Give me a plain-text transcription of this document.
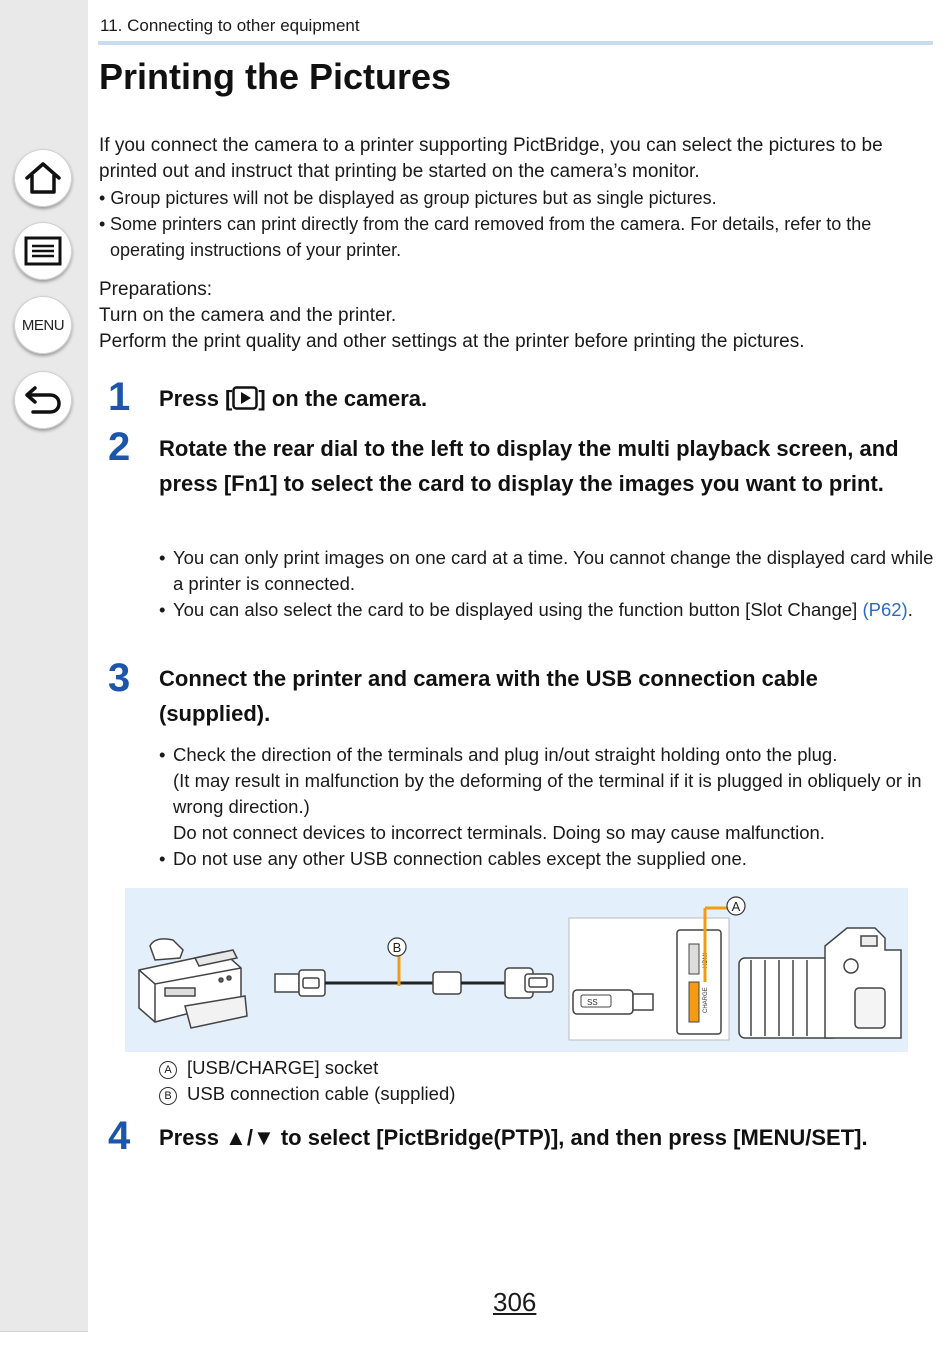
MENU
11. Connecting to other equipment
Printing the Pictures

If you connect the camera to a printer supporting PictBridge, you can select the pictures to be printed out and instruct that printing be started on the camera’s monitor.

• Group pictures will not be displayed as group pictures but as single pictures.
• Some printers can print directly from the card removed from the camera. For details, refer to the operating instructions of your printer.

Preparations:

Turn on the camera and the printer.

Perform the print quality and other settings at the printer before printing the pictures.

1 Press [ ] on the camera.

2 Rotate the rear dial to the left to display the multi playback screen, and press [Fn1] to select the card to display the images you want to print.

• You can only print images on one card at a time. You cannot change the displayed card while a printer is connected.
• You can also select the card to be displayed using the function button [Slot Change] (P62).
3 Connect the printer and camera with the USB connection cable (supplied).

• Check the direction of the terminals and plug in/out straight holding onto the plug.
(It may result in malfunction by the deforming of the terminal if it is plugged in obliquely or in wrong direction.)
Do not connect devices to incorrect terminals. Doing so may cause malfunction.
• Do not use any other USB connection cables except the supplied one.
B
SS
HDMI
CHARGE
A
A [USB/CHARGE] socket
B USB connection cable (supplied)
4 Press ▲/▼ to select [PictBridge(PTP)], and then press [MENU/SET].

306
